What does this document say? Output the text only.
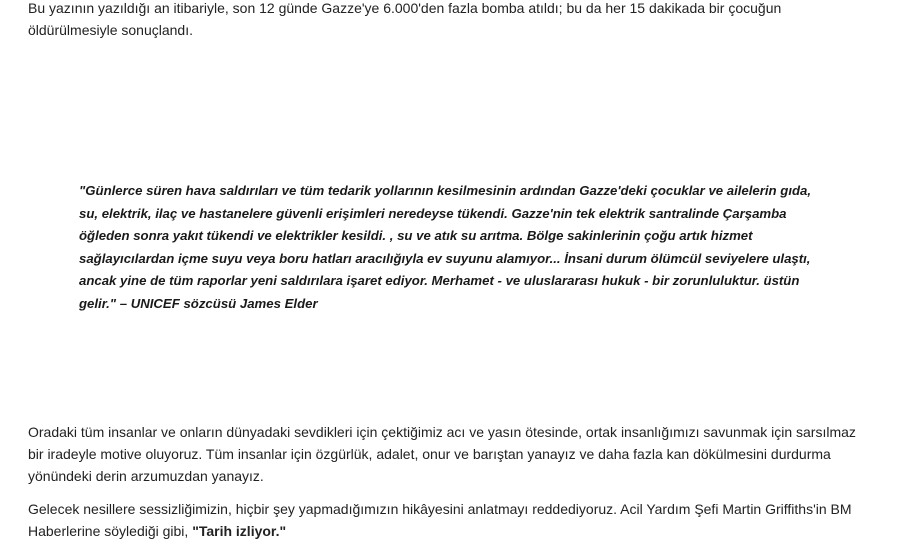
Bu yazının yazıldığı an itibariyle, son 12 günde Gazze'ye 6.000'den fazla bomba atıldı; bu da her 15 dakikada bir çocuğun öldürülmesiyle sonuçlandı.

"Günlerce süren hava saldırıları ve tüm tedarik yollarının kesilmesinin ardından Gazze'deki çocuklar ve ailelerin gıda, su, elektrik, ilaç ve hastanelere güvenli erişimleri neredeyse tükendi. Gazze'nin tek elektrik santralinde Çarşamba öğleden sonra yakıt tükendi ve elektrikler kesildi. , su ve atık su arıtma. Bölge sakinlerinin çoğu artık hizmet sağlayıcılardan içme suyu veya boru hatları aracılığıyla ev suyunu alamıyor... İnsani durum ölümcül seviyelere ulaştı, ancak yine de tüm raporlar yeni saldırılara işaret ediyor. Merhamet - ve uluslararası hukuk - bir zorunluluktur. üstün gelir." – UNICEF sözcüsü James Elder

Oradaki tüm insanlar ve onların dünyadaki sevdikleri için çektiğimiz acı ve yasın ötesinde, ortak insanlığımızı savunmak için sarsılmaz bir iradeyle motive oluyoruz. Tüm insanlar için özgürlük, adalet, onur ve barıştan yanayız ve daha fazla kan dökülmesini durdurma yönündeki derin arzumuzdan yanayız.

Gelecek nesillere sessizliğimizin, hiçbir şey yapmadığımızın hikâyesini anlatmayı reddediyoruz. Acil Yardım Şefi Martin Griffiths'in BM Haberlerine söylediği gibi, "Tarih izliyor."
